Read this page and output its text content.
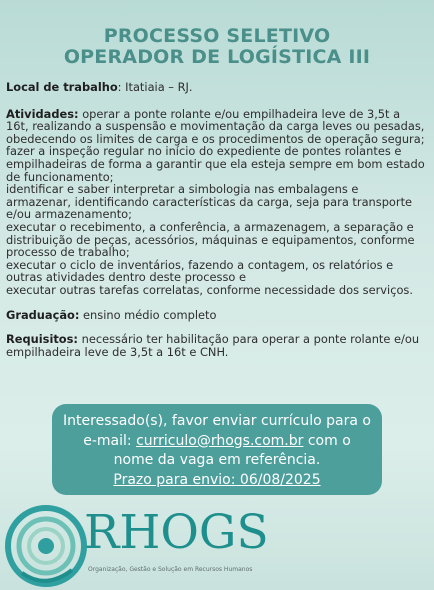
PROCESSO SELETIVO
OPERADOR DE LOGÍSTICA III

Local de trabalho: Itatiaia – RJ.

Atividades: operar a ponte rolante e/ou empilhadeira leve de 3,5t a 16t, realizando a suspensão e movimentação da carga leves ou pesadas, obedecendo os limites de carga e os procedimentos de operação segura;
fazer a inspeção regular no início do expediente de pontes rolantes e empilhadeiras de forma a garantir que ela esteja sempre em bom estado de funcionamento;
identificar e saber interpretar a simbologia nas embalagens e armazenar, identificando características da carga, seja para transporte e/ou armazenamento;
executar o recebimento, a conferência, a armazenagem, a separação e distribuição de peças, acessórios, máquinas e equipamentos, conforme processo de trabalho;
executar o ciclo de inventários, fazendo a contagem, os relatórios e outras atividades dentro deste processo e
executar outras tarefas correlatas, conforme necessidade dos serviços.

Graduação: ensino médio completo

Requisitos: necessário ter habilitação para operar a ponte rolante e/ou empilhadeira leve de 3,5t a 16t e CNH.

Interessado(s), favor enviar currículo para o
e-mail: curriculo@rhogs.com.br com o
nome da vaga em referência.
Prazo para envio: 06/08/2025
RHOGS
Organização, Gestão e Solução em Recursos Humanos
